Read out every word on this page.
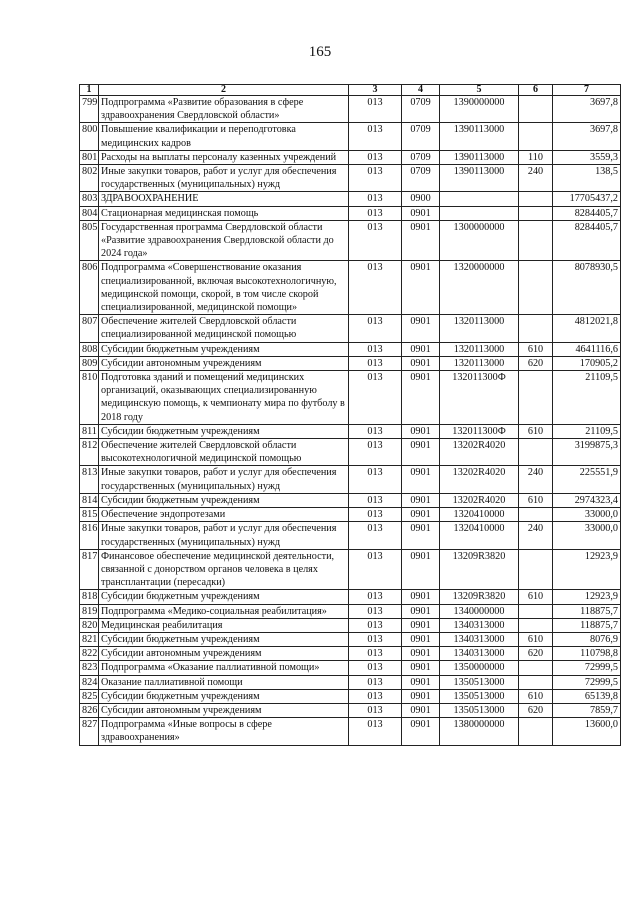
165
1	2	3	4	5	6	7
799	Подпрограмма «Развитие образования в сфере здравоохранения Свердловской области»	013	0709	1390000000		3697,8
800	Повышение квалификации и переподготовка медицинских кадров	013	0709	1390113000		3697,8
801	Расходы на выплаты персоналу казенных учреждений	013	0709	1390113000	110	3559,3
802	Иные закупки товаров, работ и услуг для обеспечения государственных (муниципальных) нужд	013	0709	1390113000	240	138,5
803	ЗДРАВООХРАНЕНИЕ	013	0900			17705437,2
804	Стационарная медицинская помощь	013	0901			8284405,7
805	Государственная программа Свердловской области «Развитие здравоохранения Свердловской области до 2024 года»	013	0901	1300000000		8284405,7
806	Подпрограмма «Совершенствование оказания специализированной, включая высокотехнологичную, медицинской помощи, скорой, в том числе скорой специализированной, медицинской помощи»	013	0901	1320000000		8078930,5
807	Обеспечение жителей Свердловской области специализированной медицинской помощью	013	0901	1320113000		4812021,8
808	Субсидии бюджетным учреждениям	013	0901	1320113000	610	4641116,6
809	Субсидии автономным учреждениям	013	0901	1320113000	620	170905,2
810	Подготовка зданий и помещений медицинских организаций, оказывающих специализированную медицинскую помощь, к чемпионату мира по футболу в 2018 году	013	0901	132011300Ф		21109,5
811	Субсидии бюджетным учреждениям	013	0901	132011300Ф	610	21109,5
812	Обеспечение жителей Свердловской области высокотехнологичной медицинской помощью	013	0901	13202R4020		3199875,3
813	Иные закупки товаров, работ и услуг для обеспечения государственных (муниципальных) нужд	013	0901	13202R4020	240	225551,9
814	Субсидии бюджетным учреждениям	013	0901	13202R4020	610	2974323,4
815	Обеспечение эндопротезами	013	0901	1320410000		33000,0
816	Иные закупки товаров, работ и услуг для обеспечения государственных (муниципальных) нужд	013	0901	1320410000	240	33000,0
817	Финансовое обеспечение медицинской деятельности, связанной с донорством органов человека в целях трансплантации (пересадки)	013	0901	13209R3820		12923,9
818	Субсидии бюджетным учреждениям	013	0901	13209R3820	610	12923,9
819	Подпрограмма «Медико-социальная реабилитация»	013	0901	1340000000		118875,7
820	Медицинская реабилитация	013	0901	1340313000		118875,7
821	Субсидии бюджетным учреждениям	013	0901	1340313000	610	8076,9
822	Субсидии автономным учреждениям	013	0901	1340313000	620	110798,8
823	Подпрограмма «Оказание паллиативной помощи»	013	0901	1350000000		72999,5
824	Оказание паллиативной помощи	013	0901	1350513000		72999,5
825	Субсидии бюджетным учреждениям	013	0901	1350513000	610	65139,8
826	Субсидии автономным учреждениям	013	0901	1350513000	620	7859,7
827	Подпрограмма «Иные вопросы в сфере здравоохранения»	013	0901	1380000000		13600,0
